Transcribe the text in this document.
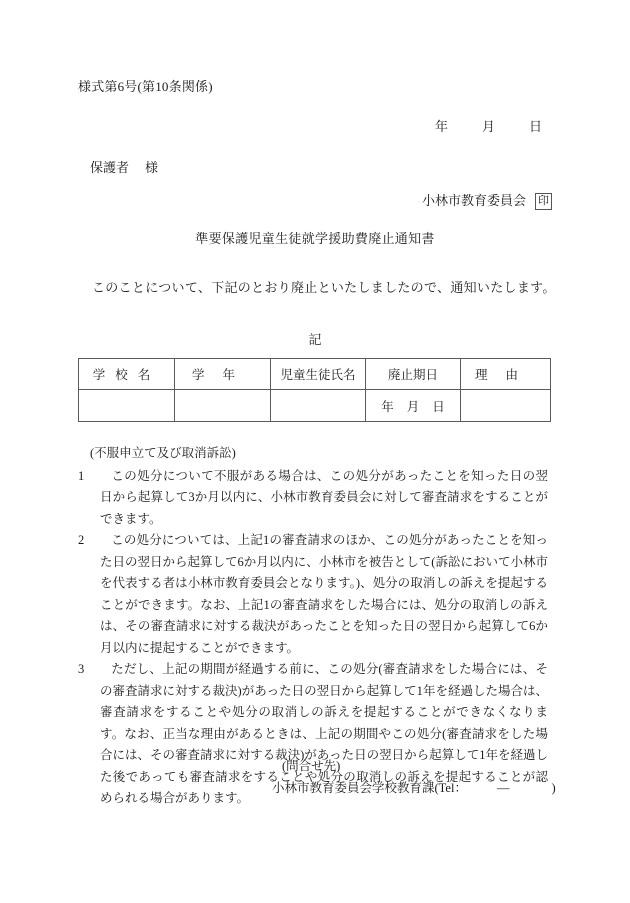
様式第6号(第10条関係)
年	月	日
保護者 様
小林市教育委員会 印
準要保護児童生徒就学援助費廃止通知書
このことについて、下記のとおり廃止といたしましたので、通知いたします。
記
学校名	学年	児童生徒氏名	廃止期日	理由
			年 月 日	
(不服申立て及び取消訴訟)
1	この処分について不服がある場合は、この処分があったことを知った日の翌日から起算して3か月以内に、小林市教育委員会に対して審査請求をすることができます。
2	この処分については、上記1の審査請求のほか、この処分があったことを知った日の翌日から起算して6か月以内に、小林市を被告として(訴訟において小林市を代表する者は小林市教育委員会となります。)、処分の取消しの訴えを提起することができます。なお、上記1の審査請求をした場合には、処分の取消しの訴えは、その審査請求に対する裁決があったことを知った日の翌日から起算して6か月以内に提起することができます。
3	ただし、上記の期間が経過する前に、この処分(審査請求をした場合には、その審査請求に対する裁決)があった日の翌日から起算して1年を経過した場合は、審査請求をすることや処分の取消しの訴えを提起することができなくなります。なお、正当な理由があるときは、上記の期間やこの処分(審査請求をした場合には、その審査請求に対する裁決)があった日の翌日から起算して1年を経過した後であっても審査請求をすることや処分の取消しの訴えを提起することが認められる場合があります。
(問合せ先)
小林市教育委員会学校教育課(Tel： ―	)
